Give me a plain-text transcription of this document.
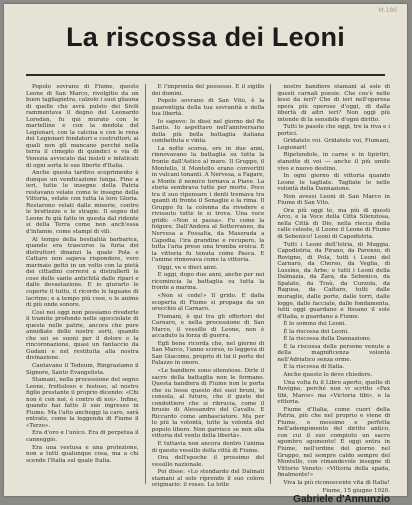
M.186
La riscossa dei Leoni

Popolo sovrano di Fiume, questo Leone di San Marco, rivolgitio da un buon tagliapietra, calzolo i suoi gliauna di quelle che avrà pulsto dei Sivili rammentava il degno del Leonardo Loredan, fu qui murato con le martelline e con la medola del Legionari, con la calcina e con le rena dei Legionari fondatori e costruttori; ai quali non gli mancano perché nella terra il cimeplo di quindici e via di Venezia avvocato dai insisti e infaticati di ogni sorta le sue liberte d'Italia.

Anche questa tardivo scoprimento è dunque un vendicazione lunga. Fino a ieri, tutte le insegne della Patria restavano velate come le insegne della Vittoria, velate con tutta la loro Gloria. Restarono velati dalle miserie, contro le bruttezze e le stragie. Il segno del Leone fu già fatto in questa dal ridente sì della Terra come non anch'essa d'infamie, come stampi di vili.

Al tempo della bestialità barbarica, quando era trascorso la furia dei distruttori dinanzi la quale Pola e Cattaro non sapeva rispondere, vero marinaio gettò in un volto con la pietà dei cittadini corrersi a distrallerli le cose delle sante antichità dalle ripari e dalle devastazione. E io giurarlo le coperte il tutto, il ricordo le laguane di lacrime; e a tempo più cose, e le anime di più onde sonore.

Così noi oggi non possiamo rivederle il tramite profondo nelle sgocciolate di queste nelle patrie, ancora che pure annidiate delle nostre sorti, quando che sei se suoni per il dolore e la rincoronazione, quasi un fantaccio da Gudani e nel restituita alla nostra divinazione.

Cantavano il Tedeum, Ringraziamo il Signore, Santo Evangelista.

Stamani, nella processione del segno Leone, frettoloso e festoso, al nostro figlio prestante il proprio dicendo: «Chi non è con noi, è contro di noi». Infine, quando hai fatto il suo ingresso in Fiume. Ma l'alto ancheggi la caro, sarà entrato, come la leggenda di Fiume il «Terzo».

Era d'oro e l'unico. Era di perpetua il canneggio.

Era una vestusa e una protezione, non a tutti qualunque cosa, ma a chi scende l'Italia sul quale Italia.

E l'impronta del possesso. E il sigillo dei domini.

Popolo sovrano di San Vito, è la guarentigia della tua sovranità e della tua libertà.

Io sapevo: lo dissi nel giorno del Re Santo. Io aspettavo nell'anniversario della più bella battaglia italiana combattuta e vinta.

La notte scorsa, ore in due anni, rinnovavano la battaglia su tutta la fronte dall'Astico al mare. Il Gruppo, il Montello, il Montello erano convertiti in vulcani tonanti. A Nervesa, a Fagare, a Monte il nemico tornava a Piave. La storia sembrava tutte per morte. Poco tra il suo ripensare i denti tremava tra quanti di fronte il Senaglie e la rima. Il Gruppo fu la colonna da rivedere e rivissuto tutte le si trova. Una voce gridò: «Non si passa». Fu come la folgore. Dall'Andora al Sotterraneo, da Nervesa a Fossalta, da Maserada a Capodia, l'ira grandine e recupero, la tutta l'aria prese una tromba eroica. E la vittoria fu tenuta come Pasca. E l'anime rinnovava come la vittoria.

Oggi, ve e dieci anni.

E oggi, dopo due anni, anche per noi ricomincia la battaglia su tutta la fronte a marina.

«Non si cede!» Il grido. E dalla scoperta di Fiume si propaga da un orecchio al Carnaro.

Fiumani, è qui tra gli offertori del Carnaro, e nella processione di San Marco, il vessillo di Leone, non è accaduto la forza di guerra.

Egli bene ricorda che, nel giorno di San Marco, l'anno scorso, io leggeva di San Giacomo, proprio di lui il porto del Palazzo in onore.

«Le bandiere sono silenziose. Dirle il sacro della battaglia non le formano. Questa bandiera di Fiume non le porta che su lesse questo dei suoi bruni, le consola, al futuro, che il gusto del condottiero che si ribrucia, come il brusio di Alessandro del Cavallo. E Riccardo come ambasciatore. Ma per lo più la volontà, tutte la volontà del popolo libero. Non garrisce se non alla vittoria del vento della libertà».

E tuttavia non ancora dentro l'anima di questo vessillo della città di Fiume.

Ora dell'epoche il prossimo del vessillo nazionale.

Poi disse: «Lo stendardo del Dalmati stamani al sole riprende il suo colore originario: il rosso. La lotte

nostre bandiere stamani al sole di questi carnali poesie. Che cos'è nelle lessi da ieri? Che di ieri nell'operosa opera più operose d'oggi, di dalla libertà di altri ieri? Non oggi più intende di la sensibile d'ogni diritto.

Tutti le pasole che oggi, tre la riva e i portici.

Gridatelo voi. Gridatelo voi, Fiumani, Legionari!

Ripetendole, in carne e in tipiritri, stanotte di voi — anche il più umile vivo e nuovo destino.

In ogni giorno di vittoria quando Leone le tagliate. Tagliate le nelle volontà della Dannazione.

Non avessi Leoni di San Marco in Fiume di San Vito.

Ora più oggi te, ma più di questi Arco, e la Voce della Città Silenziosa, nella Città di Dio, nella riecca della calle celeste, il Leone il Leone di Fiume di Sebenico! Leoni di Capodistria.

Tutti i Leoni dell'Istria, di Muggia, Capodistria, da Pirano, da Parenzo, di Rovigno, di Pola, tutti i Leoni del Carnaro, da Cherso, da Veglia, di Lussino, da Arbe; e tutti i Leoni della Dalmazia, da Zara, da Sebenico, da Spalato, da Traù, da Curzola, da Ragusa, da Cattaro, tutti dalle muraglie, dalle porte, dalle torri, dalle logge, dalle facciate, dalle fondamenta, tutti oggi guardano e fissano il sole d'Italia, e guardano a Fiume.

È lo sommo dei Leoni.

È la riscossa dei Leoni.

È la riscossa della Dannazione.

È la riscossa delle persone venute a della magnificenza volontà nell'Adriatico senza orme.

È la riscossa di Italia.

Anche questo lo devo chiedere.

Una volta fu il Libro aperto, quello di Rovigno, perché non vi scritto «Pax tibi, Marce» ma «Victoria tibi», e la vittoria.

Fiume d'Italia, come cuori della Patria, più che nel proprio e viene di Fiume, o messimo e perfetta nell'adempimento del diritto antico, con cui il suo compiuto un sacro sgombro sgomento! E oggi entra in Fiume, nell'ordine del giorno nel Gruppo, nel sempre caldo sempre del Montello, con rimandevole insegne di Vittorio Veneto: «Vittoria della spada, finalmente!»

Viva la più riconoscente vita di Italia!

Fiume, 15 giugno 1920.
Gabriele d'Annunzio
